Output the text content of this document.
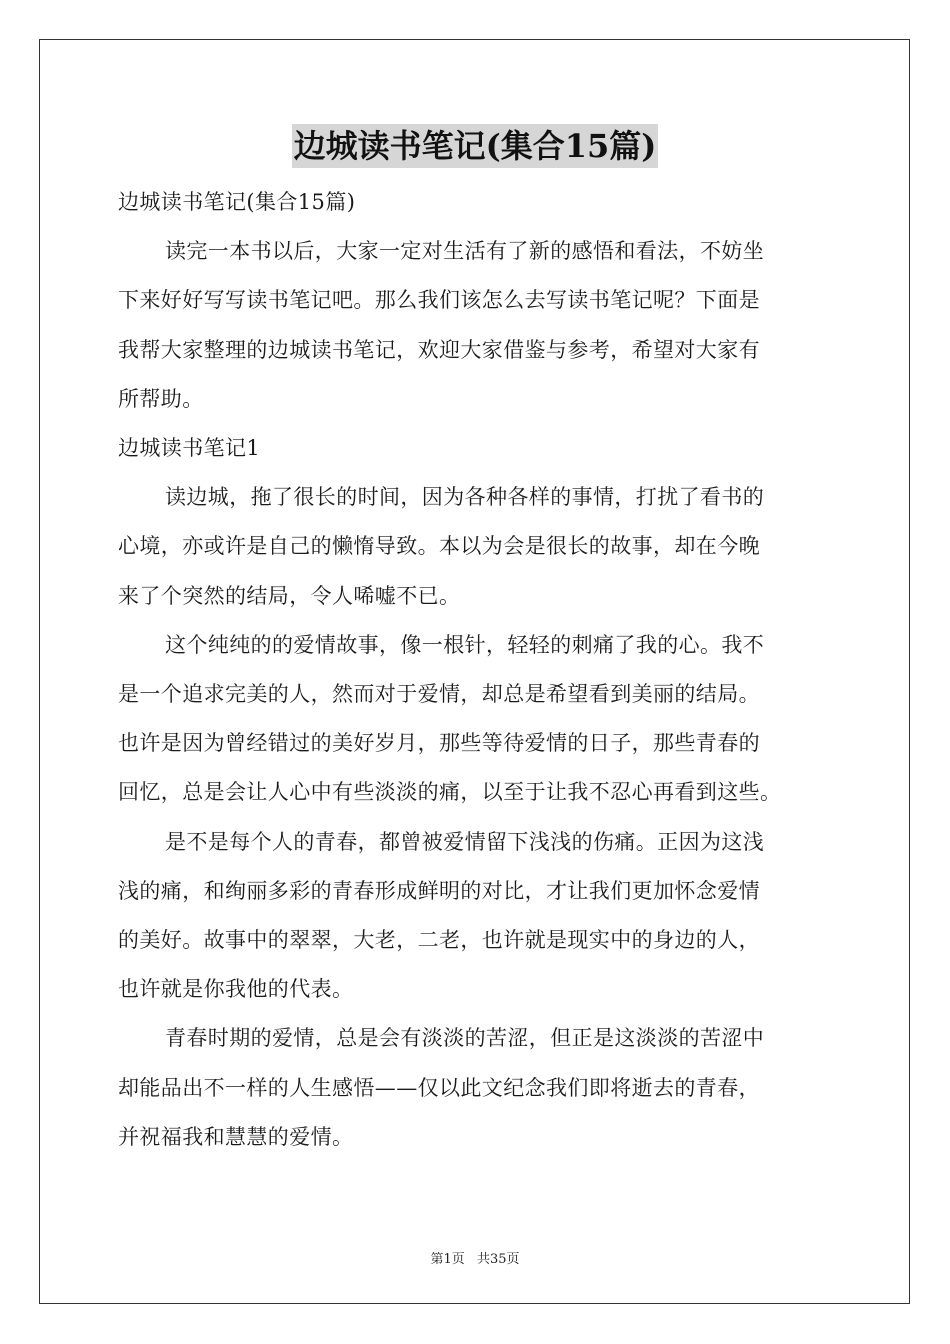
边城读书笔记(集合15篇)

边城读书笔记(集合15篇)

读完一本书以后，大家一定对生活有了新的感悟和看法，不妨坐

下来好好写写读书笔记吧。那么我们该怎么去写读书笔记呢？下面是

我帮大家整理的边城读书笔记，欢迎大家借鉴与参考，希望对大家有

所帮助。

边城读书笔记1

读边城，拖了很长的时间，因为各种各样的事情，打扰了看书的

心境，亦或许是自己的懒惰导致。本以为会是很长的故事，却在今晚

来了个突然的结局，令人唏嘘不已。

这个纯纯的的爱情故事，像一根针，轻轻的刺痛了我的心。我不

是一个追求完美的人，然而对于爱情，却总是希望看到美丽的结局。

也许是因为曾经错过的美好岁月，那些等待爱情的日子，那些青春的

回忆，总是会让人心中有些淡淡的痛，以至于让我不忍心再看到这些。

是不是每个人的青春，都曾被爱情留下浅浅的伤痛。正因为这浅

浅的痛，和绚丽多彩的青春形成鲜明的对比，才让我们更加怀念爱情

的美好。故事中的翠翠，大老，二老，也许就是现实中的身边的人，

也许就是你我他的代表。

青春时期的爱情，总是会有淡淡的苦涩，但正是这淡淡的苦涩中

却能品出不一样的人生感悟——仅以此文纪念我们即将逝去的青春，

并祝福我和慧慧的爱情。

第1页 共35页
